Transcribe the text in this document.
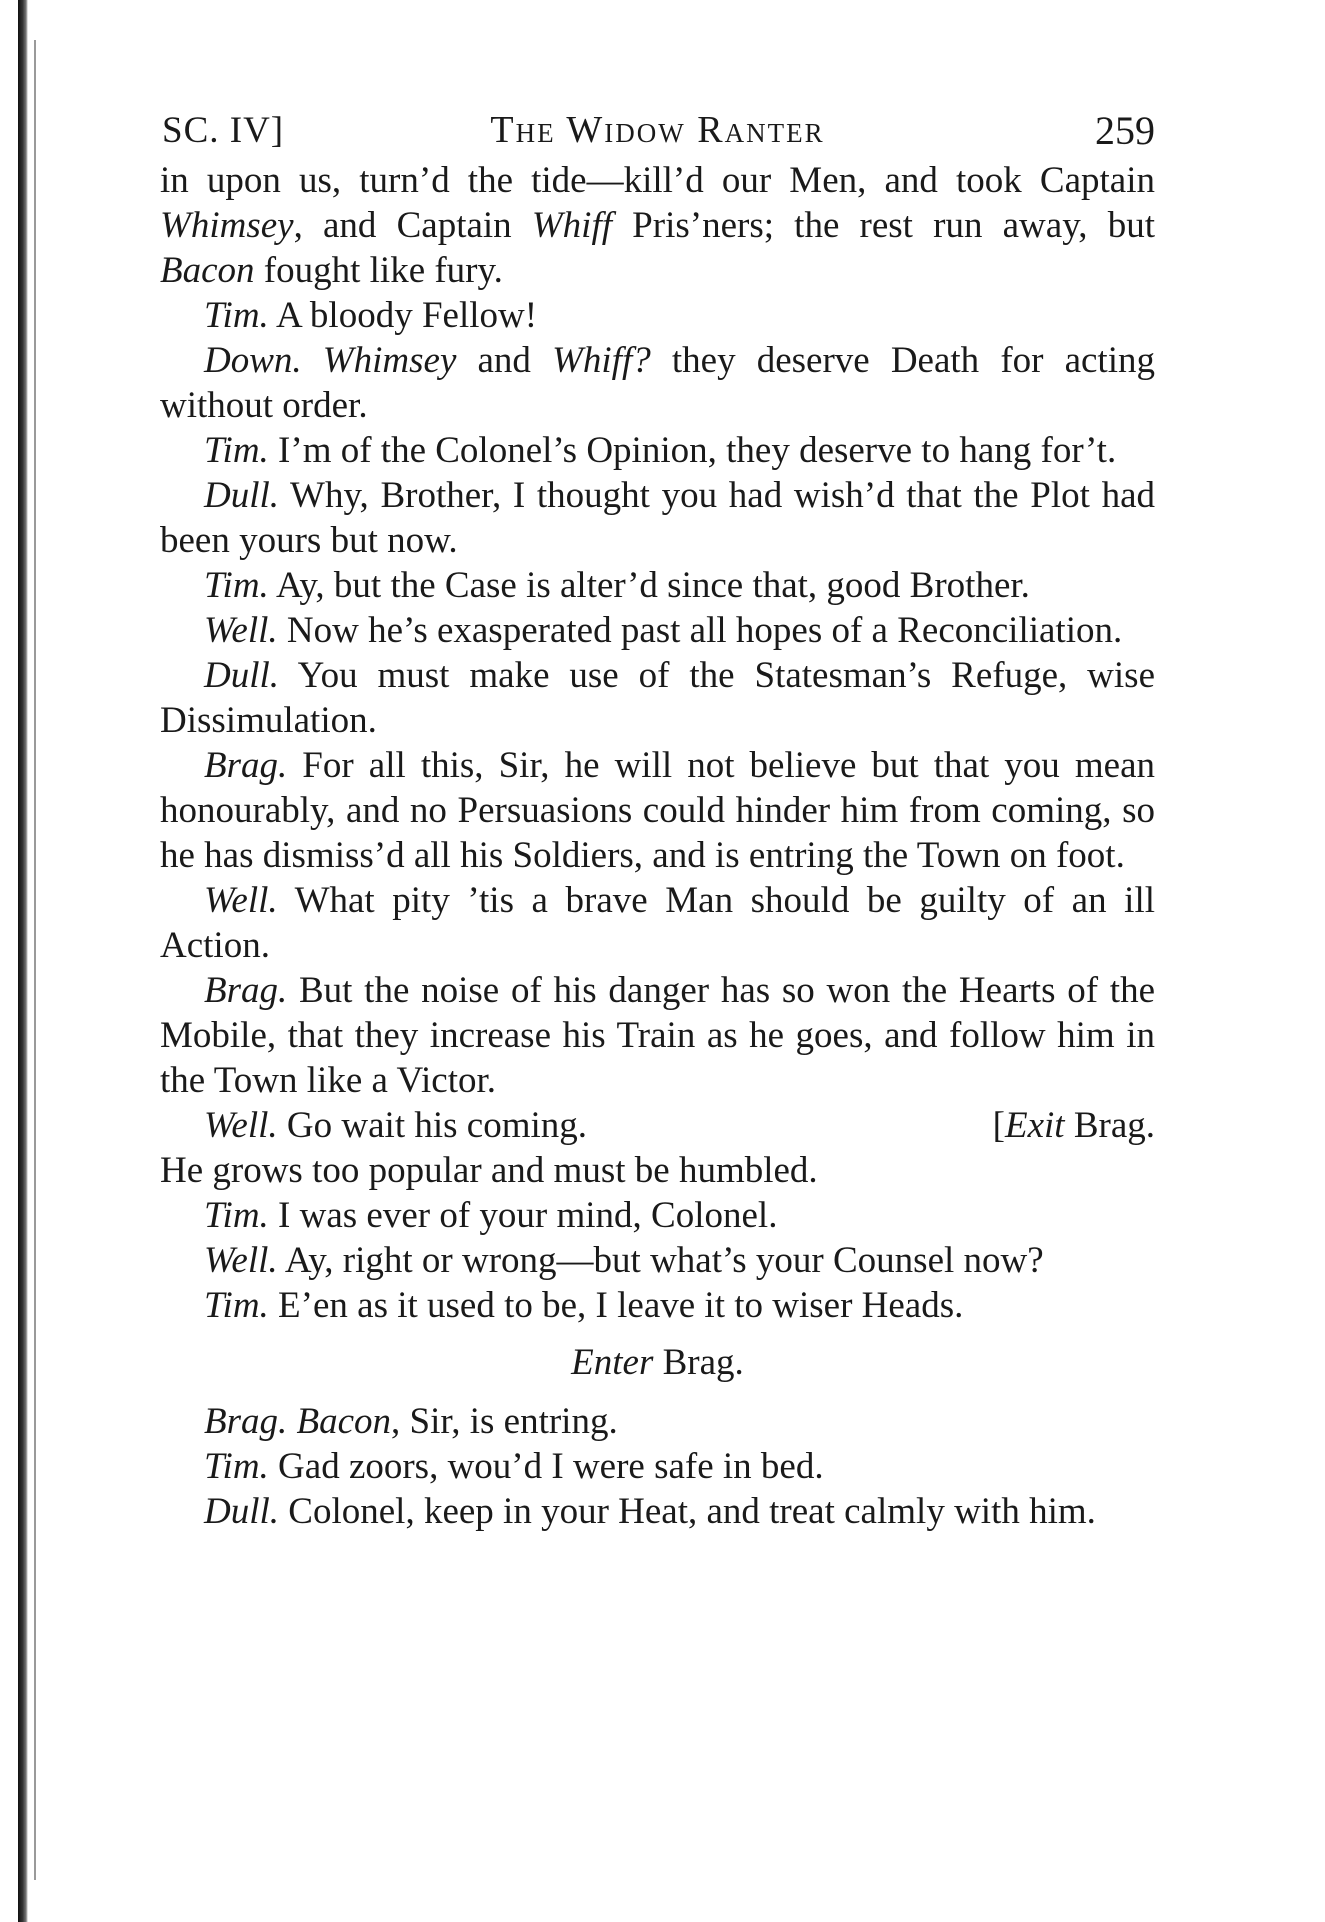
SC. IV]	The Widow Ranter	259

in upon us, turn’d the tide—kill’d our Men, and took Captain Whimsey, and Captain Whiff Pris’ners; the rest run away, but Bacon fought like fury.

Tim. A bloody Fellow!

Down. Whimsey and Whiff? they deserve Death for acting without order.

Tim. I’m of the Colonel’s Opinion, they deserve to hang for’t.

Dull. Why, Brother, I thought you had wish’d that the Plot had been yours but now.

Tim. Ay, but the Case is alter’d since that, good Brother.

Well. Now he’s exasperated past all hopes of a Reconciliation.

Dull. You must make use of the Statesman’s Refuge, wise Dissimulation.

Brag. For all this, Sir, he will not believe but that you mean honourably, and no Persuasions could hinder him from coming, so he has dismiss’d all his Soldiers, and is entring the Town on foot.

Well. What pity ’tis a brave Man should be guilty of an ill Action.

Brag. But the noise of his danger has so won the Hearts of the Mobile, that they increase his Train as he goes, and follow him in the Town like a Victor.

Well. Go wait his coming.	[Exit Brag.

He grows too popular and must be humbled.

Tim. I was ever of your mind, Colonel.

Well. Ay, right or wrong—but what’s your Counsel now?

Tim. E’en as it used to be, I leave it to wiser Heads.

Enter Brag.

Brag. Bacon, Sir, is entring.

Tim. Gad zoors, wou’d I were safe in bed.

Dull. Colonel, keep in your Heat, and treat calmly with him.
